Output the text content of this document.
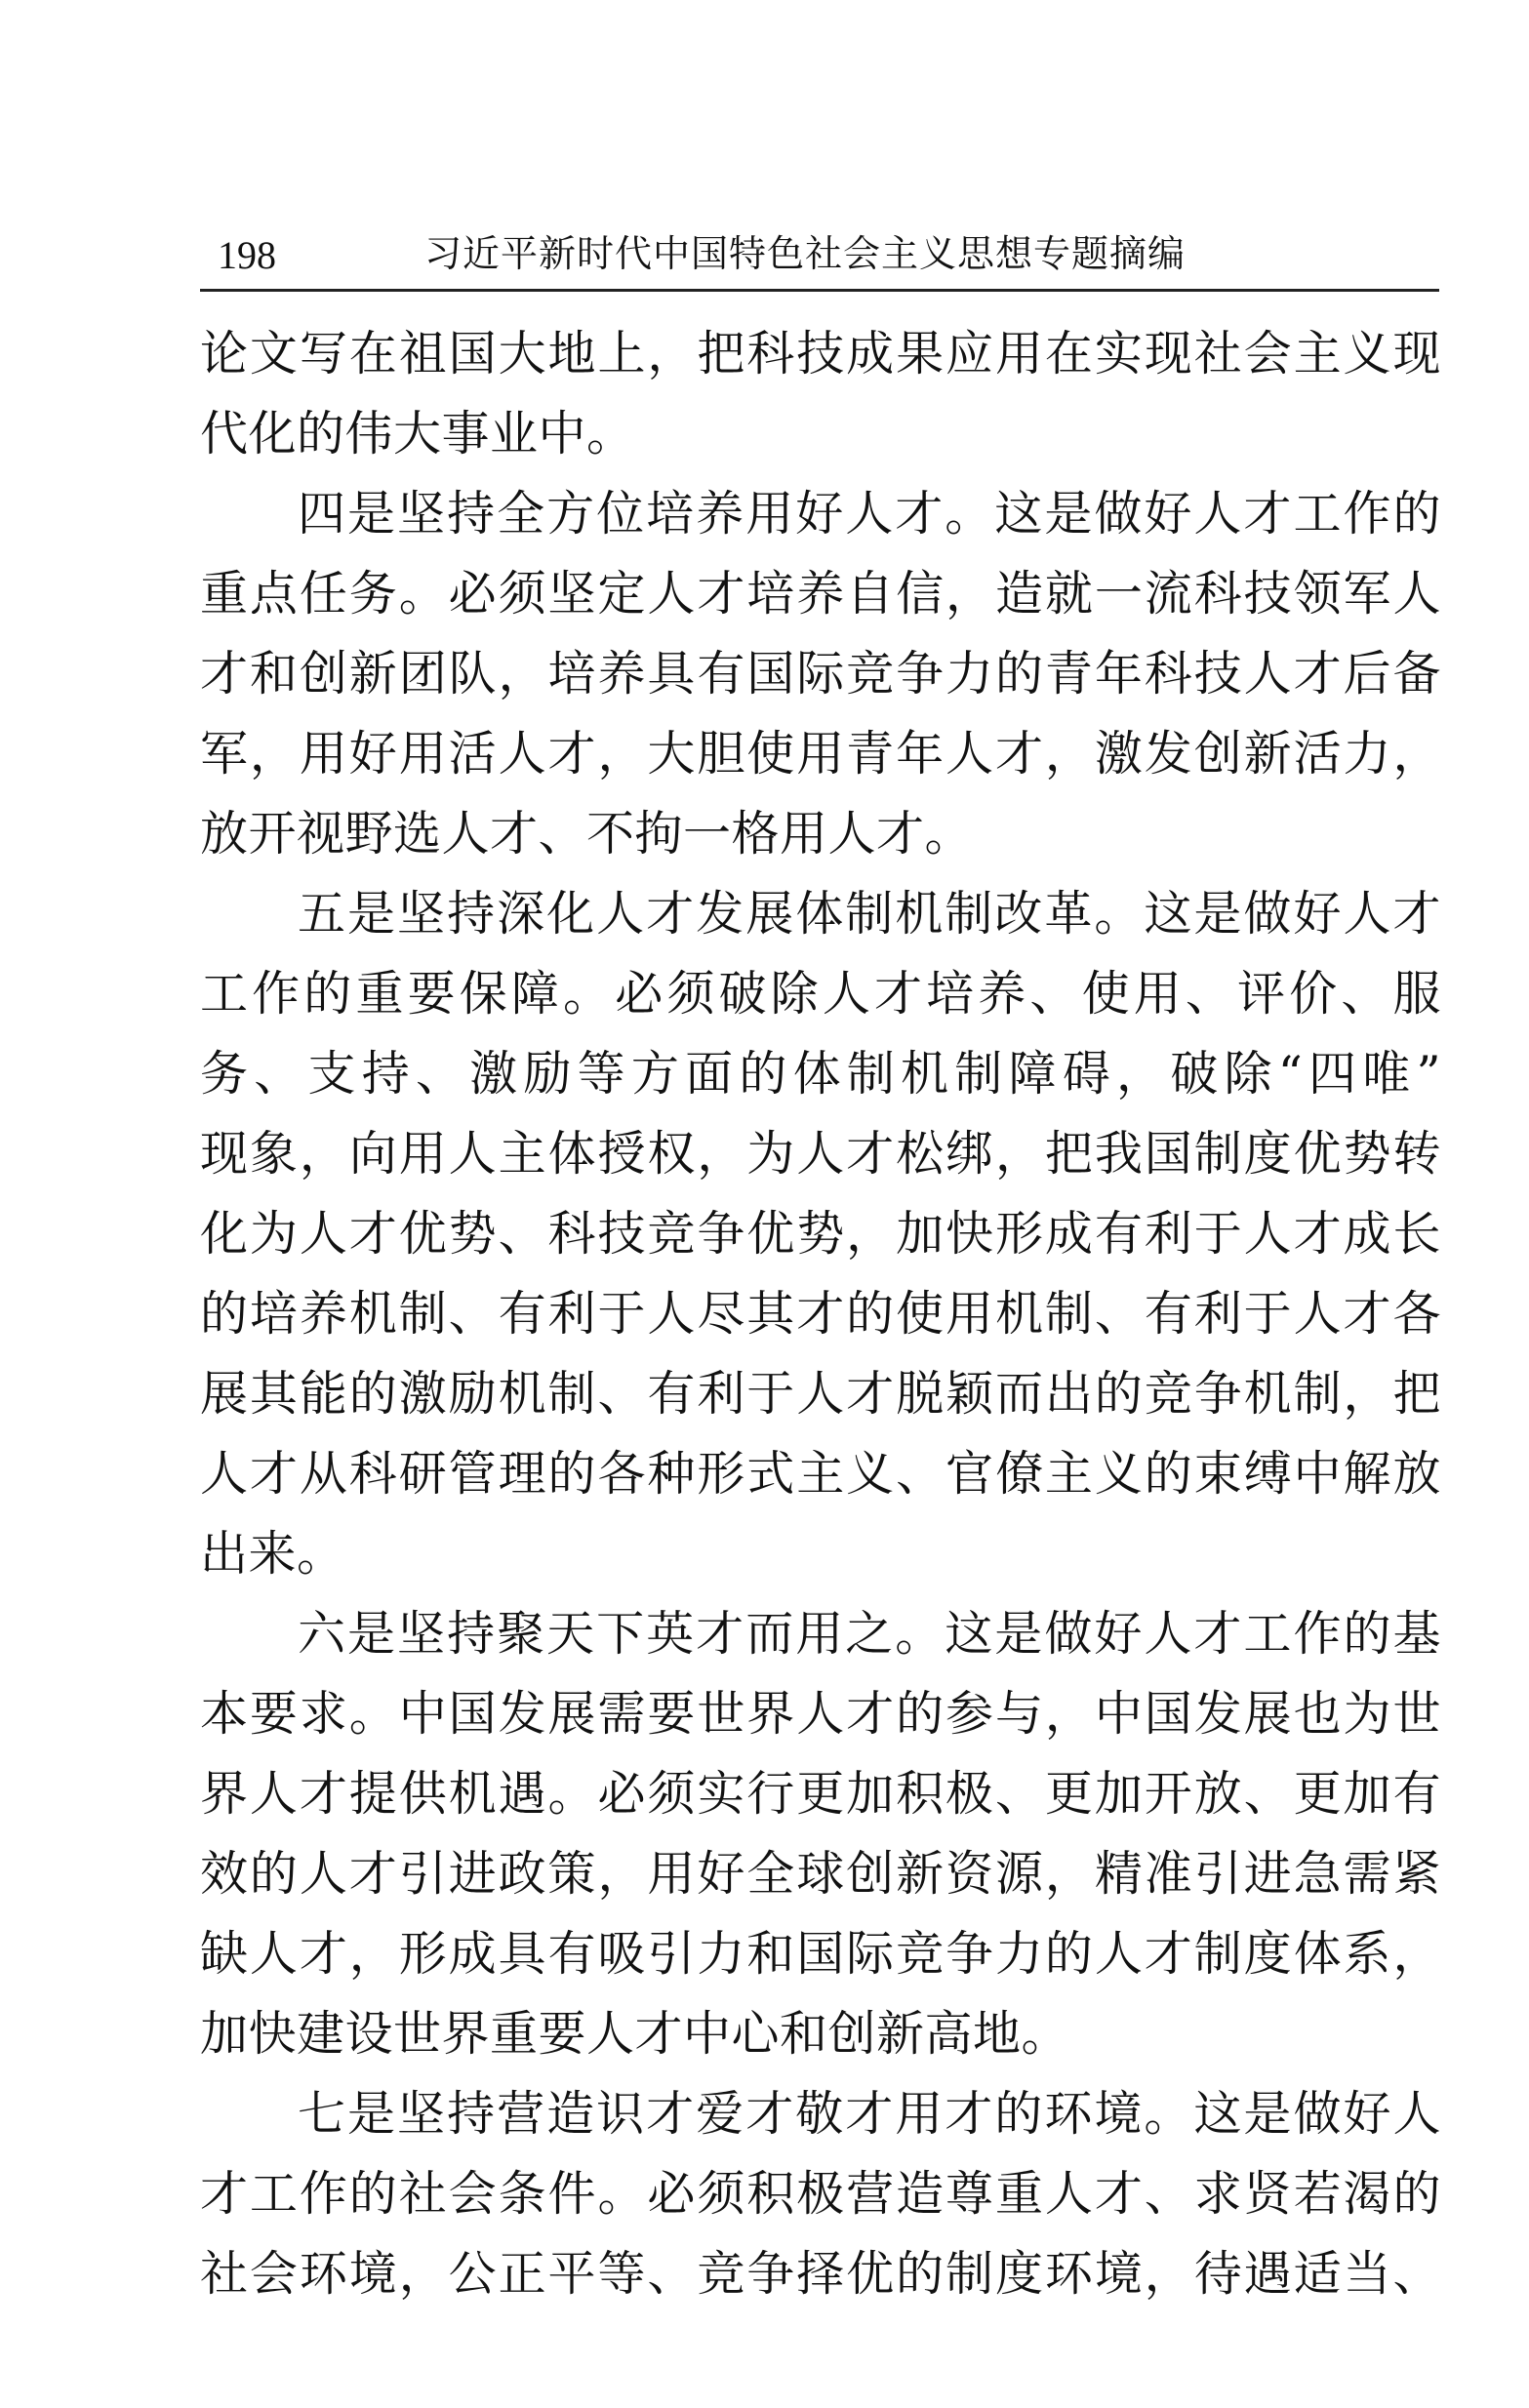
198	习近平新时代中国特色社会主义思想专题摘编
论文写在祖国大地上，把科技成果应用在实现社会主义现
代化的伟大事业中。
四是坚持全方位培养用好人才。这是做好人才工作的
重点任务。必须坚定人才培养自信，造就一流科技领军人
才和创新团队，培养具有国际竞争力的青年科技人才后备
军，用好用活人才，大胆使用青年人才，激发创新活力，
放开视野选人才、不拘一格用人才。
五是坚持深化人才发展体制机制改革。这是做好人才
工作的重要保障。必须破除人才培养、使用、评价、服
务、支持、激励等方面的体制机制障碍，破除“四唯”
现象，向用人主体授权，为人才松绑，把我国制度优势转
化为人才优势、科技竞争优势，加快形成有利于人才成长
的培养机制、有利于人尽其才的使用机制、有利于人才各
展其能的激励机制、有利于人才脱颖而出的竞争机制，把
人才从科研管理的各种形式主义、官僚主义的束缚中解放
出来。
六是坚持聚天下英才而用之。这是做好人才工作的基
本要求。中国发展需要世界人才的参与，中国发展也为世
界人才提供机遇。必须实行更加积极、更加开放、更加有
效的人才引进政策，用好全球创新资源，精准引进急需紧
缺人才，形成具有吸引力和国际竞争力的人才制度体系，
加快建设世界重要人才中心和创新高地。
七是坚持营造识才爱才敬才用才的环境。这是做好人
才工作的社会条件。必须积极营造尊重人才、求贤若渴的
社会环境，公正平等、竞争择优的制度环境，待遇适当、
